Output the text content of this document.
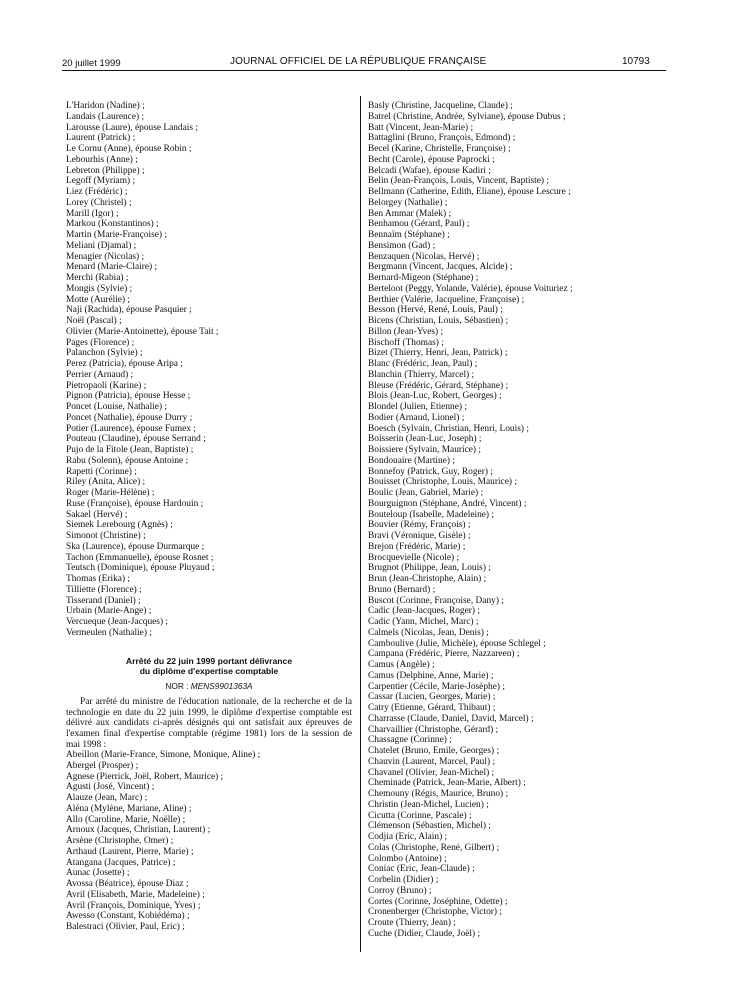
20 juillet 1999	JOURNAL OFFICIEL DE LA RÉPUBLIQUE FRANÇAISE	10793
L'Haridon (Nadine) ;
Landais (Laurence) ;
Larousse (Laure), épouse Landais ;
Laurent (Patrick) ;
Le Cornu (Anne), épouse Robin ;
Lebourhis (Anne) ;
Lebreton (Philippe) ;
Legoff (Myriam) ;
Liez (Frédéric) ;
Lorey (Christel) ;
Marill (Igor) ;
Markou (Konstantinos) ;
Martin (Marie-Françoise) ;
Meliani (Djamal) ;
Menagier (Nicolas) ;
Menard (Marie-Claire) ;
Merchi (Rabia) ;
Mongis (Sylvie) ;
Motte (Aurélie) ;
Naji (Rachida), épouse Pasquier ;
Noël (Pascal) ;
Olivier (Marie-Antoinette), épouse Tait ;
Pages (Florence) ;
Palanchon (Sylvie) ;
Perez (Patricia), épouse Aripa ;
Perrier (Arnaud) ;
Pietropaoli (Karine) ;
Pignon (Patricia), épouse Hesse ;
Poncet (Louise, Nathalie) ;
Poncet (Nathalie), épouse Durry ;
Potier (Laurence), épouse Fumex ;
Pouteau (Claudine), épouse Serrand ;
Pujo de la Fitole (Jean, Baptiste) ;
Rabu (Solenn), épouse Antoine ;
Rapetti (Corinne) ;
Riley (Anita, Alice) ;
Roger (Marie-Hélène) ;
Ruse (Françoise), épouse Hardouin ;
Sakael (Hervé) ;
Siemek Lerebourg (Agnès) ;
Simonot (Christine) ;
Ska (Laurence), épouse Durmarque ;
Tachon (Emmanuelle), épouse Rosnet ;
Teutsch (Dominique), épouse Pluyaud ;
Thomas (Erika) ;
Tilliette (Florence) ;
Tisserand (Daniel) ;
Urbain (Marie-Ange) ;
Vercueque (Jean-Jacques) ;
Vermeulen (Nathalie) ;
Arrêté du 22 juin 1999 portant délivrance
du diplôme d'expertise comptable
NOR : MENS9901363A
Par arrêté du ministre de l'éducation nationale, de la recherche et de la technologie en date du 22 juin 1999, le diplôme d'expertise comptable est délivré aux candidats ci-après désignés qui ont satisfait aux épreuves de l'examen final d'expertise comptable (régime 1981) lors de la session de mai 1998 :
Abeillon (Marie-France, Simone, Monique, Aline) ;
Abergel (Prosper) ;
Agnese (Pierrick, Joël, Robert, Maurice) ;
Agusti (José, Vincent) ;
Alauze (Jean, Marc) ;
Aléna (Mylène, Mariane, Aline) ;
Allo (Caroline, Marie, Noëlle) ;
Arnoux (Jacques, Christian, Laurent) ;
Arsène (Christophe, Omer) ;
Arthaud (Laurent, Pierre, Marie) ;
Atangana (Jacques, Patrice) ;
Aunac (Josette) ;
Avossa (Béatrice), épouse Diaz ;
Avril (Elisabeth, Marie, Madeleine) ;
Avril (François, Dominique, Yves) ;
Awesso (Constant, Kobiédéma) ;
Balestraci (Olivier, Paul, Eric) ;
Basly (Christine, Jacqueline, Claude) ;
Batrel (Christine, Andrée, Sylviane), épouse Dubus ;
Batt (Vincent, Jean-Marie) ;
Battaglini (Bruno, François, Edmond) ;
Becel (Karine, Christelle, Françoise) ;
Becht (Carole), épouse Paprocki ;
Belcadi (Wafae), épouse Kadiri ;
Belin (Jean-François, Louis, Vincent, Baptiste) ;
Bellmann (Catherine, Edith, Eliane), épouse Lescure ;
Belorgey (Nathalie) ;
Ben Ammar (Malek) ;
Benhamou (Gérard, Paul) ;
Bennaïm (Stéphane) ;
Bensimon (Gad) ;
Benzaquen (Nicolas, Hervé) ;
Bergmann (Vincent, Jacques, Alcide) ;
Bernard-Migeon (Stéphane) ;
Berteloot (Peggy, Yolande, Valérie), épouse Voituriez ;
Berthier (Valérie, Jacqueline, Françoise) ;
Besson (Hervé, René, Louis, Paul) ;
Bicens (Christian, Louis, Sébastien) ;
Billon (Jean-Yves) ;
Bischoff (Thomas) ;
Bizet (Thierry, Henri, Jean, Patrick) ;
Blanc (Frédéric, Jean, Paul) ;
Blanchin (Thierry, Marcel) ;
Bleuse (Frédéric, Gérard, Stéphane) ;
Blois (Jean-Luc, Robert, Georges) ;
Blondel (Julien, Etienne) ;
Bodier (Arnaud, Lionel) ;
Boesch (Sylvain, Christian, Henri, Louis) ;
Boisserin (Jean-Luc, Joseph) ;
Boissiere (Sylvain, Maurice) ;
Bondouaire (Martine) ;
Bonnefoy (Patrick, Guy, Roger) ;
Bouisset (Christophe, Louis, Maurice) ;
Boulic (Jean, Gabriel, Marie) ;
Bourguignon (Stéphane, André, Vincent) ;
Bouteloup (Isabelle, Madeleine) ;
Bouvier (Rémy, François) ;
Bravi (Véronique, Gisèle) ;
Brejon (Frédéric, Marie) ;
Brocquevielle (Nicole) ;
Brugnot (Philippe, Jean, Louis) ;
Brun (Jean-Christophe, Alain) ;
Bruno (Bernard) ;
Buscot (Corinne, Françoise, Dany) ;
Cadic (Jean-Jacques, Roger) ;
Cadic (Yann, Michel, Marc) ;
Calmels (Nicolas, Jean, Denis) ;
Camboulive (Julie, Michèle), épouse Schlegel ;
Campana (Frédéric, Pierre, Nazzareen) ;
Camus (Angèle) ;
Camus (Delphine, Anne, Marie) ;
Carpentier (Cécile, Marie-Josèphe) ;
Cassar (Lucien, Georges, Marie) ;
Catry (Etienne, Gérard, Thibaut) ;
Charrasse (Claude, Daniel, David, Marcel) ;
Charvaillier (Christophe, Gérard) ;
Chassagne (Corinne) ;
Chatelet (Bruno, Emile, Georges) ;
Chauvin (Laurent, Marcel, Paul) ;
Chavanel (Olivier, Jean-Michel) ;
Cheminade (Patrick, Jean-Marie, Albert) ;
Chemouny (Régis, Maurice, Bruno) ;
Christin (Jean-Michel, Lucien) ;
Cicutta (Corinne, Pascale) ;
Clémenson (Sébastien, Michel) ;
Codjia (Eric, Alain) ;
Colas (Christophe, René, Gilbert) ;
Colombo (Antoine) ;
Coniac (Eric, Jean-Claude) ;
Corbelin (Didier) ;
Corroy (Bruno) ;
Cortes (Corinne, Joséphine, Odette) ;
Cronenberger (Christophe, Victor) ;
Croute (Thierry, Jean) ;
Cuche (Didier, Claude, Joël) ;
